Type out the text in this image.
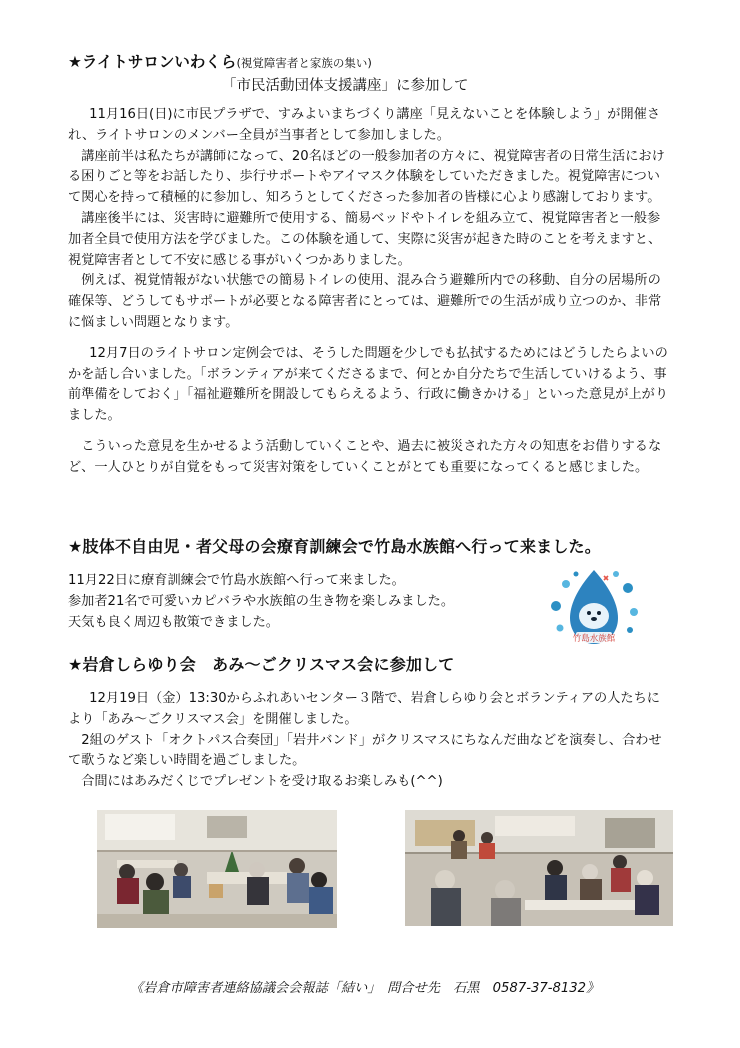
★ライトサロンいわくら(視覚障害者と家族の集い)
「市民活動団体支援講座」に参加して

11月16日(日)に市民プラザで、すみよいまちづくり講座「見えないことを体験しよう」が開催され、ライトサロンのメンバー全員が当事者として参加しました。

講座前半は私たちが講師になって、20名ほどの一般参加者の方々に、視覚障害者の日常生活における困りごと等をお話したり、歩行サポートやアイマスク体験をしていただきました。視覚障害について関心を持って積極的に参加し、知ろうとしてくださった参加者の皆様に心より感謝しております。

講座後半には、災害時に避難所で使用する、簡易ベッドやトイレを組み立て、視覚障害者と一般参加者全員で使用方法を学びました。この体験を通して、実際に災害が起きた時のことを考えますと、視覚障害者として不安に感じる事がいくつかありました。

例えば、視覚情報がない状態での簡易トイレの使用、混み合う避難所内での移動、自分の居場所の確保等、どうしてもサポートが必要となる障害者にとっては、避難所での生活が成り立つのか、非常に悩ましい問題となります。

12月7日のライトサロン定例会では、そうした問題を少しでも払拭するためにはどうしたらよいのかを話し合いました。「ボランティアが来てくださるまで、何とか自分たちで生活していけるよう、事前準備をしておく」「福祉避難所を開設してもらえるよう、行政に働きかける」といった意見が上がりました。

こういった意見を生かせるよう活動していくことや、過去に被災された方々の知恵をお借りするなど、一人ひとりが自覚をもって災害対策をしていくことがとても重要になってくると感じました。

★肢体不自由児・者父母の会療育訓練会で竹島水族館へ行って来ました。
11月22日に療育訓練会で竹島水族館へ行って来ました。
参加者21名で可愛いカピバラや水族館の生き物を楽しみました。
天気も良く周辺も散策できました。
竹島水族館
★岩倉しらゆり会　あみ～ごクリスマス会に参加して

12月19日（金）13:30からふれあいセンター３階で、岩倉しらゆり会とボランティアの人たちにより「あみ～ごクリスマス会」を開催しました。

2組のゲスト「オクトパス合奏団」「岩井バンド」がクリスマスにちなんだ曲などを演奏し、合わせて歌うなど楽しい時間を過ごしました。

合間にはあみだくじでプレゼントを受け取るお楽しみも(^^)

《岩倉市障害者連絡協議会会報誌「結い」　問合せ先　石黒　0587-37-8132》
